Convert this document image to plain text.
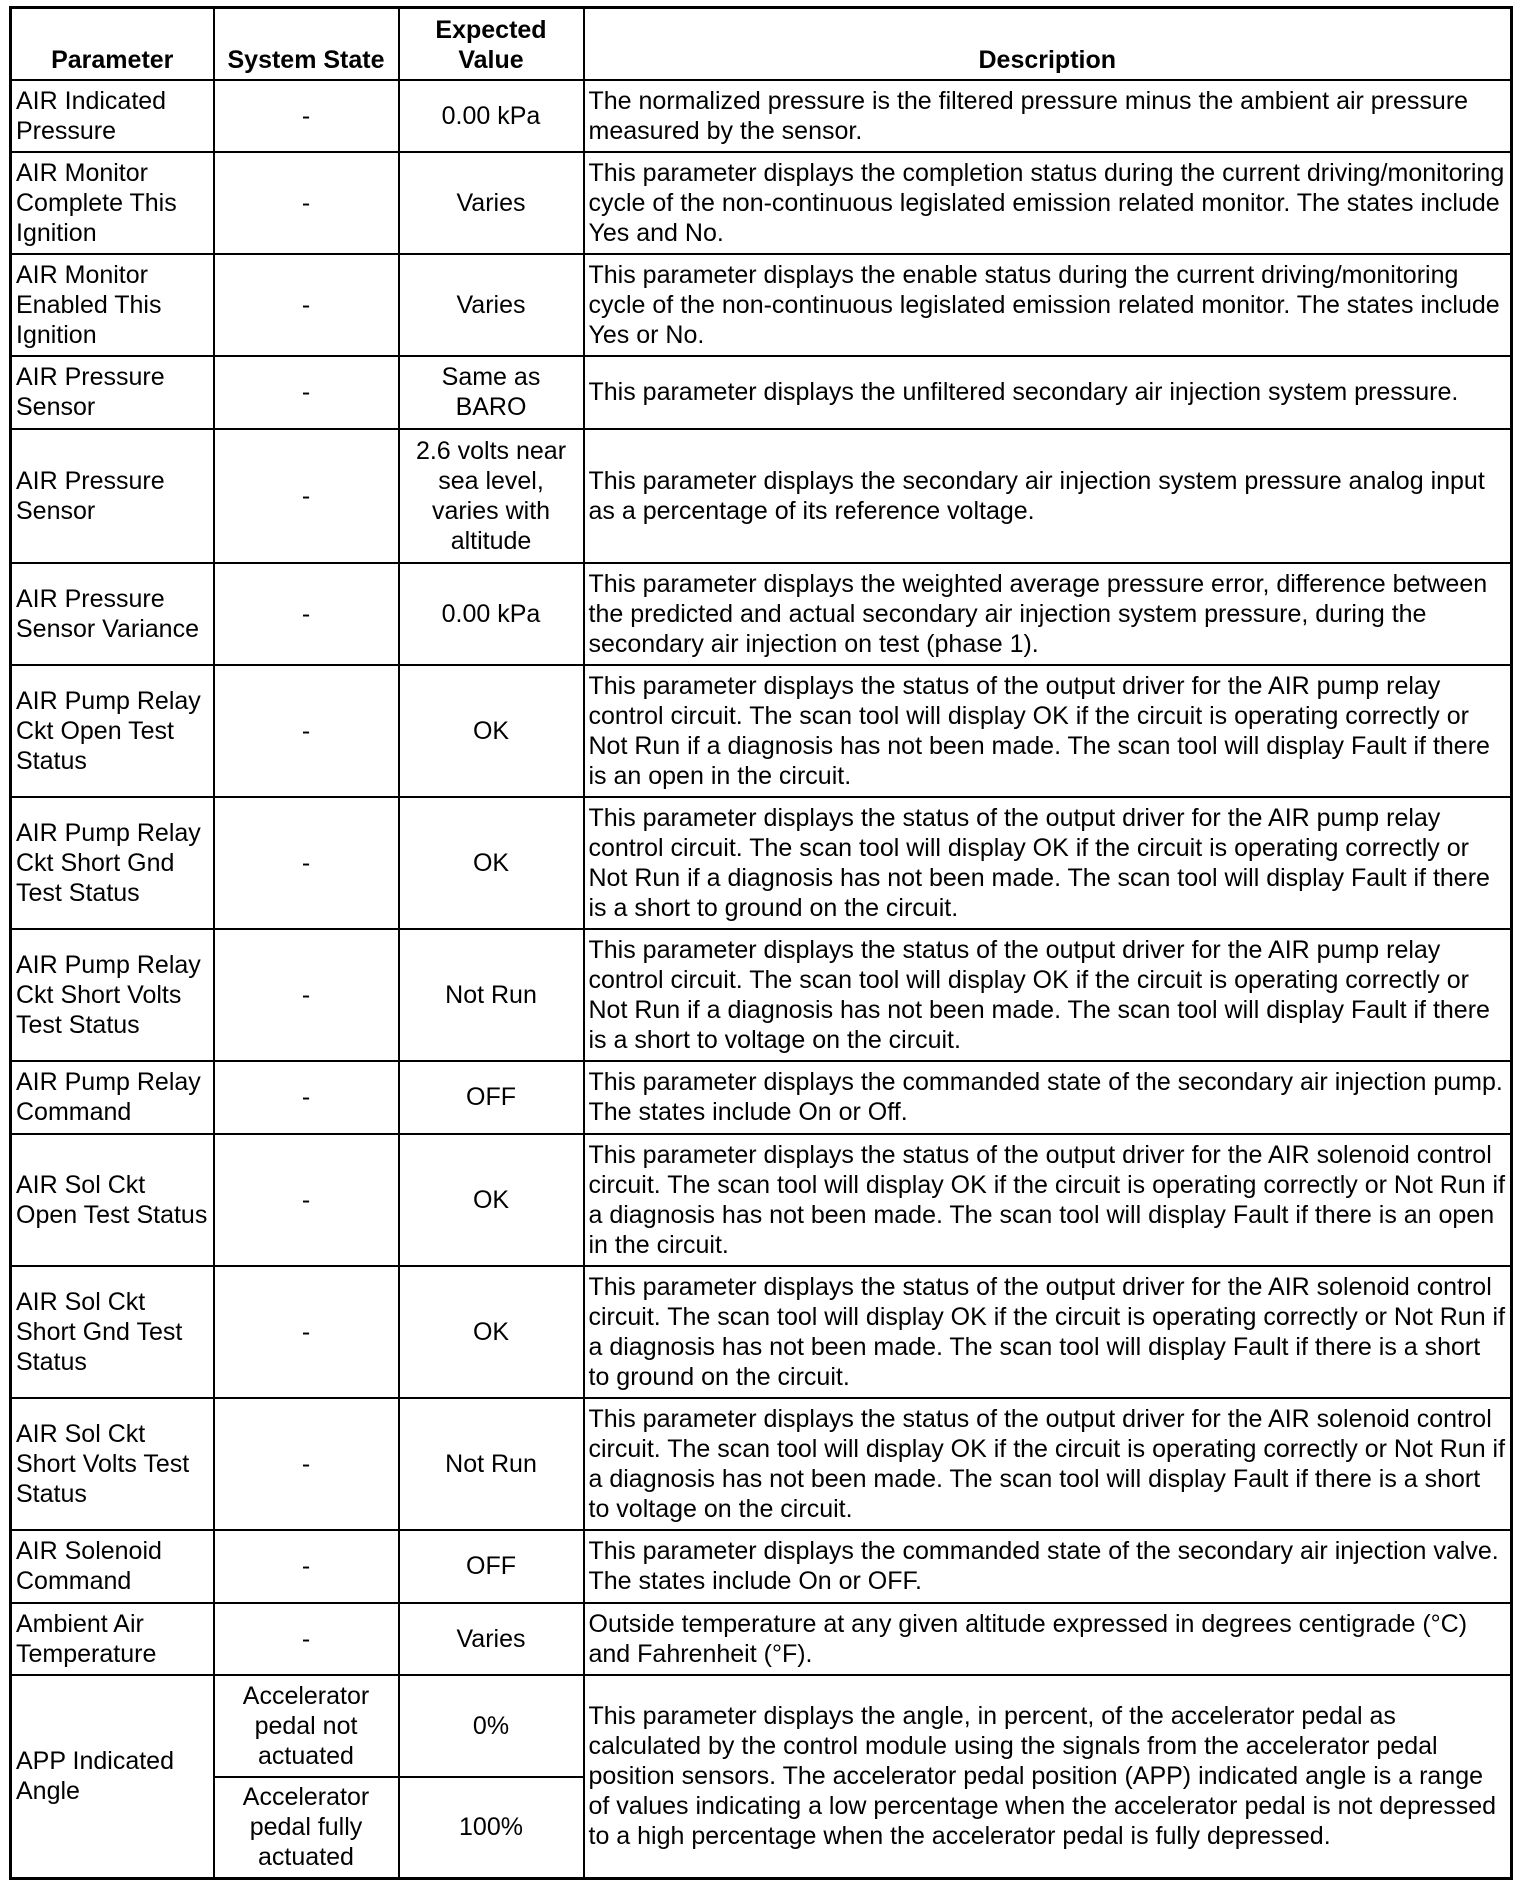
Parameter	System State	Expected Value	Description
AIR Indicated Pressure	-	0.00 kPa	The normalized pressure is the filtered pressure minus the ambient air pressure measured by the sensor.
AIR Monitor Complete This Ignition	-	Varies	This parameter displays the completion status during the current driving/monitoring cycle of the non-continuous legislated emission related monitor. The states include Yes and No.
AIR Monitor Enabled This Ignition	-	Varies	This parameter displays the enable status during the current driving/monitoring cycle of the non-continuous legislated emission related monitor. The states include Yes or No.
AIR Pressure Sensor	-	Same as BARO	This parameter displays the unfiltered secondary air injection system pressure.
AIR Pressure Sensor	-	2.6 volts near sea level, varies with altitude	This parameter displays the secondary air injection system pressure analog input as a percentage of its reference voltage.
AIR Pressure Sensor Variance	-	0.00 kPa	This parameter displays the weighted average pressure error, difference between the predicted and actual secondary air injection system pressure, during the secondary air injection on test (phase 1).
AIR Pump Relay Ckt Open Test Status	-	OK	This parameter displays the status of the output driver for the AIR pump relay control circuit. The scan tool will display OK if the circuit is operating correctly or Not Run if a diagnosis has not been made. The scan tool will display Fault if there is an open in the circuit.
AIR Pump Relay Ckt Short Gnd Test Status	-	OK	This parameter displays the status of the output driver for the AIR pump relay control circuit. The scan tool will display OK if the circuit is operating correctly or Not Run if a diagnosis has not been made. The scan tool will display Fault if there is a short to ground on the circuit.
AIR Pump Relay Ckt Short Volts Test Status	-	Not Run	This parameter displays the status of the output driver for the AIR pump relay control circuit. The scan tool will display OK if the circuit is operating correctly or Not Run if a diagnosis has not been made. The scan tool will display Fault if there is a short to voltage on the circuit.
AIR Pump Relay Command	-	OFF	This parameter displays the commanded state of the secondary air injection pump. The states include On or Off.
AIR Sol Ckt Open Test Status	-	OK	This parameter displays the status of the output driver for the AIR solenoid control circuit. The scan tool will display OK if the circuit is operating correctly or Not Run if a diagnosis has not been made. The scan tool will display Fault if there is an open in the circuit.
AIR Sol Ckt Short Gnd Test Status	-	OK	This parameter displays the status of the output driver for the AIR solenoid control circuit. The scan tool will display OK if the circuit is operating correctly or Not Run if a diagnosis has not been made. The scan tool will display Fault if there is a short to ground on the circuit.
AIR Sol Ckt Short Volts Test Status	-	Not Run	This parameter displays the status of the output driver for the AIR solenoid control circuit. The scan tool will display OK if the circuit is operating correctly or Not Run if a diagnosis has not been made. The scan tool will display Fault if there is a short to voltage on the circuit.
AIR Solenoid Command	-	OFF	This parameter displays the commanded state of the secondary air injection valve. The states include On or OFF.
Ambient Air Temperature	-	Varies	Outside temperature at any given altitude expressed in degrees centigrade (°C) and Fahrenheit (°F).
APP Indicated Angle	Accelerator pedal not actuated	0%	This parameter displays the angle, in percent, of the accelerator pedal as calculated by the control module using the signals from the accelerator pedal position sensors. The accelerator pedal position (APP) indicated angle is a range of values indicating a low percentage when the accelerator pedal is not depressed to a high percentage when the accelerator pedal is fully depressed.
	Accelerator pedal fully actuated	100%	
